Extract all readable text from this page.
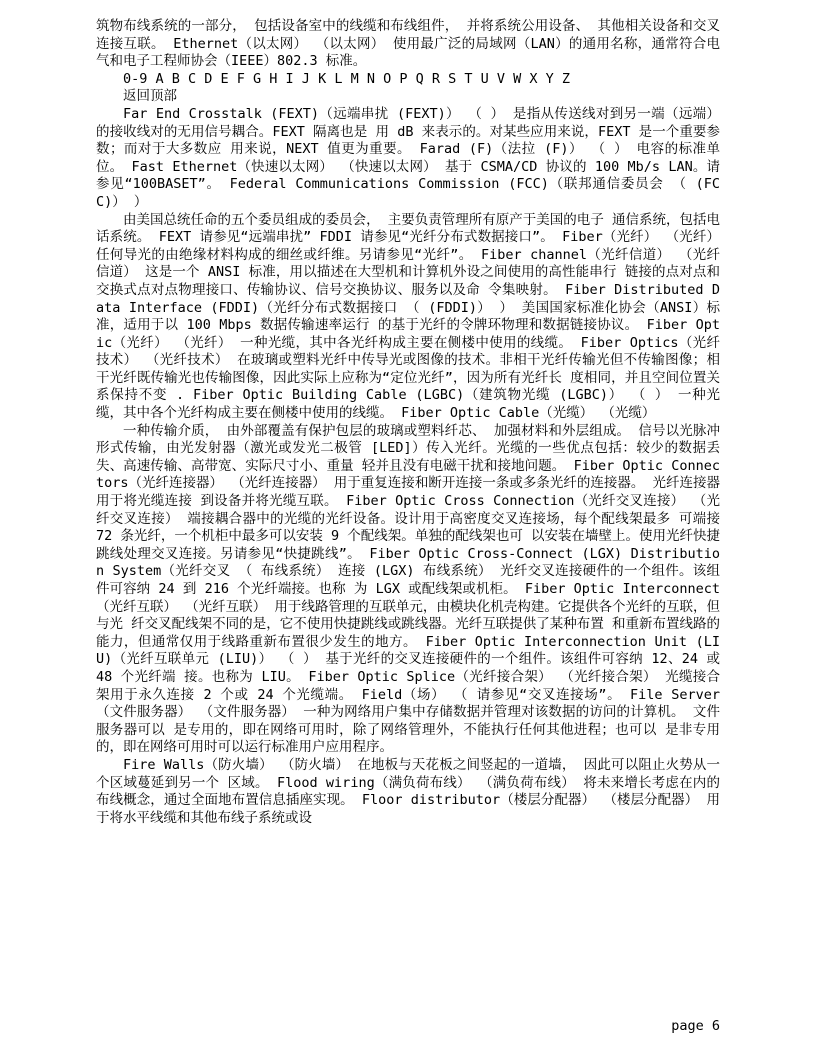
筑物布线系统的一部分， 包括设备室中的线缆和布线组件， 并将系统公用设备、 其他相关设备和交叉连接互联。 Ethernet（以太网） （以太网） 使用最广泛的局域网（LAN）的通用名称，通常符合电气和电子工程师协会（IEEE）802.3 标准。

0-9 A B C D E F G H I J K L M N O P Q R S T U V W X Y Z

返回顶部

Far End Crosstalk (FEXT)（远端串扰 (FEXT)） （ ） 是指从传送线对到另一端（远端）的接收线对的无用信号耦合。FEXT 隔离也是 用 dB 来表示的。对某些应用来说，FEXT 是一个重要参数；而对于大多数应 用来说，NEXT 值更为重要。 Farad (F)（法拉 (F)） （ ） 电容的标准单位。 Fast Ethernet（快速以太网） （快速以太网） 基于 CSMA/CD 协议的 100 Mb/s LAN。请参见“100BASET”。 Federal Communications Commission (FCC)（联邦通信委员会 （ (FCC)） ）

由美国总统任命的五个委员组成的委员会， 主要负责管理所有原产于美国的电子 通信系统，包括电话系统。 FEXT 请参见“远端串扰” FDDI 请参见“光纤分布式数据接口”。 Fiber（光纤） （光纤） 任何导光的由绝缘材料构成的细丝或纤维。另请参见“光纤”。 Fiber channel（光纤信道） （光纤信道） 这是一个 ANSI 标准，用以描述在大型机和计算机外设之间使用的高性能串行 链接的点对点和交换式点对点物理接口、传输协议、信号交换协议、服务以及命 令集映射。 Fiber Distributed Data Interface (FDDI)（光纤分布式数据接口 （ (FDDI)） ） 美国国家标准化协会（ANSI）标准，适用于以 100 Mbps 数据传输速率运行 的基于光纤的令牌环物理和数据链接协议。 Fiber Optic（光纤） （光纤） 一种光缆，其中各光纤构成主要在侧楼中使用的线缆。 Fiber Optics（光纤技术） （光纤技术） 在玻璃或塑料光纤中传导光或图像的技术。非相干光纤传输光但不传输图像；相 干光纤既传输光也传输图像，因此实际上应称为“定位光纤”，因为所有光纤长 度相同，并且空间位置关系保持不变 . Fiber Optic Building Cable (LGBC)（建筑物光缆 (LGBC)） （ ） 一种光缆，其中各个光纤构成主要在侧楼中使用的线缆。 Fiber Optic Cable（光缆） （光缆）

一种传输介质， 由外部覆盖有保护包层的玻璃或塑料纤芯、 加强材料和外层组成。 信号以光脉冲形式传输，由光发射器（激光或发光二极管 [LED]）传入光纤。光缆的一些优点包括：较少的数据丢失、高速传输、高带宽、实际尺寸小、重量 轻并且没有电磁干扰和接地问题。 Fiber Optic Connectors（光纤连接器） （光纤连接器） 用于重复连接和断开连接一条或多条光纤的连接器。 光纤连接器用于将光缆连接 到设备并将光缆互联。 Fiber Optic Cross Connection（光纤交叉连接） （光纤交叉连接） 端接耦合器中的光缆的光纤设备。设计用于高密度交叉连接场，每个配线架最多 可端接 72 条光纤，一个机柜中最多可以安装 9 个配线架。单独的配线架也可 以安装在墙壁上。使用光纤快捷跳线处理交叉连接。另请参见“快捷跳线”。 Fiber Optic Cross-Connect (LGX) Distribution System（光纤交叉 （ 布线系统） 连接 (LGX) 布线系统） 光纤交叉连接硬件的一个组件。该组件可容纳 24 到 216 个光纤端接。也称 为 LGX 或配线架或机柜。 Fiber Optic Interconnect（光纤互联） （光纤互联） 用于线路管理的互联单元，由模块化机壳构建。它提供各个光纤的互联，但与光 纤交叉配线架不同的是，它不使用快捷跳线或跳线器。光纤互联提供了某种布置 和重新布置线路的能力，但通常仅用于线路重新布置很少发生的地方。 Fiber Optic Interconnection Unit (LIU)（光纤互联单元 (LIU)） （ ） 基于光纤的交叉连接硬件的一个组件。该组件可容纳 12、24 或 48 个光纤端 接。也称为 LIU。 Fiber Optic Splice（光纤接合架） （光纤接合架） 光缆接合架用于永久连接 2 个或 24 个光缆端。 Field（场） （ 请参见“交叉连接场”。 File Server（文件服务器） （文件服务器） 一种为网络用户集中存储数据并管理对该数据的访问的计算机。 文件服务器可以 是专用的，即在网络可用时，除了网络管理外，不能执行任何其他进程；也可以 是非专用的，即在网络可用时可以运行标准用户应用程序。

Fire Walls（防火墙） （防火墙） 在地板与天花板之间竖起的一道墙， 因此可以阻止火势从一个区域蔓延到另一个 区域。 Flood wiring（满负荷布线） （满负荷布线） 将未来增长考虑在内的布线概念，通过全面地布置信息插座实现。 Floor distributor（楼层分配器） （楼层分配器） 用于将水平线缆和其他布线子系统或设

page 6
